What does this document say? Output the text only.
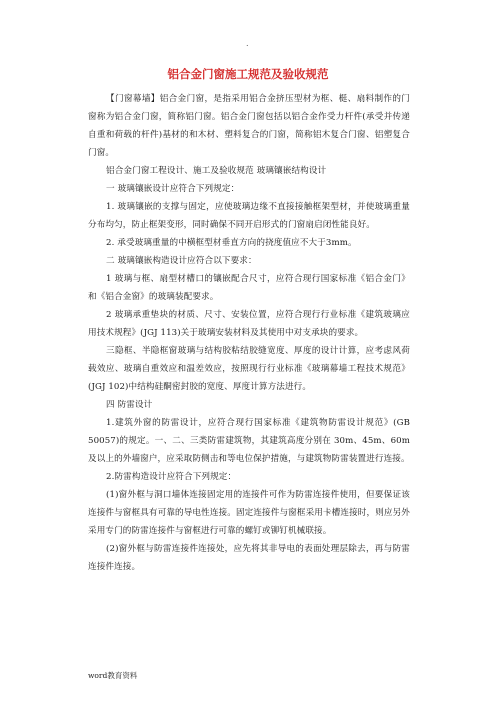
.
铝合金门窗施工规范及验收规范

【门窗幕墙】铝合金门窗，是指采用铝合金挤压型材为框、梃、扇料制作的门窗称为铝合金门窗，简称铝门窗。铝合金门窗包括以铝合金作受力杆件(承受并传递自重和荷载的杆件)基材的和木材、塑料复合的门窗，简称铝木复合门窗、铝塑复合门窗。

铝合金门窗工程设计、施工及验收规范 玻璃镶嵌结构设计

一 玻璃镶嵌设计应符合下列规定：

1. 玻璃镶嵌的支撑与固定，应使玻璃边缘不直接接触框架型材，并使玻璃重量分布均匀，防止框架变形，同时确保不同开启形式的门窗扇启闭性能良好。

2. 承受玻璃重量的中横框型材垂直方向的挠度值应不大于3mm。

二 玻璃镶嵌构造设计应符合以下要求：

1 玻璃与框、扇型材槽口的镶嵌配合尺寸，应符合现行国家标准《铝合金门》和《铝合金窗》的玻璃装配要求。

2 玻璃承重垫块的材质、尺寸、安装位置，应符合现行行业标准《建筑玻璃应用技术规程》(JGJ 113)关于玻璃安装材料及其使用中对支承块的要求。

三隐框、半隐框窗玻璃与结构胶粘结胶缝宽度、厚度的设计计算，应考虑风荷载效应、玻璃自重效应和温差效应，按照现行行业标准《玻璃幕墙工程技术规范》(JGJ 102)中结构硅酮密封胶的宽度、厚度计算方法进行。

四 防雷设计

1.建筑外窗的防雷设计，应符合现行国家标准《建筑物防雷设计规范》(GB 50057)的规定。一、二、三类防雷建筑物，其建筑高度分别在 30m、45m、60m 及以上的外墙窗户，应采取防侧击和等电位保护措施，与建筑物防雷装置进行连接。

2.防雷构造设计应符合下列规定：

(1)窗外框与洞口墙体连接固定用的连接件可作为防雷连接件使用，但要保证该连接件与窗框具有可靠的导电性连接。固定连接件与窗框采用卡槽连接时，则应另外采用专门的防雷连接件与窗框进行可靠的螺钉或铆钉机械联接。

(2)窗外框与防雷连接件连接处，应先将其非导电的表面处理层除去，再与防雷连接件连接。

word教育资料
